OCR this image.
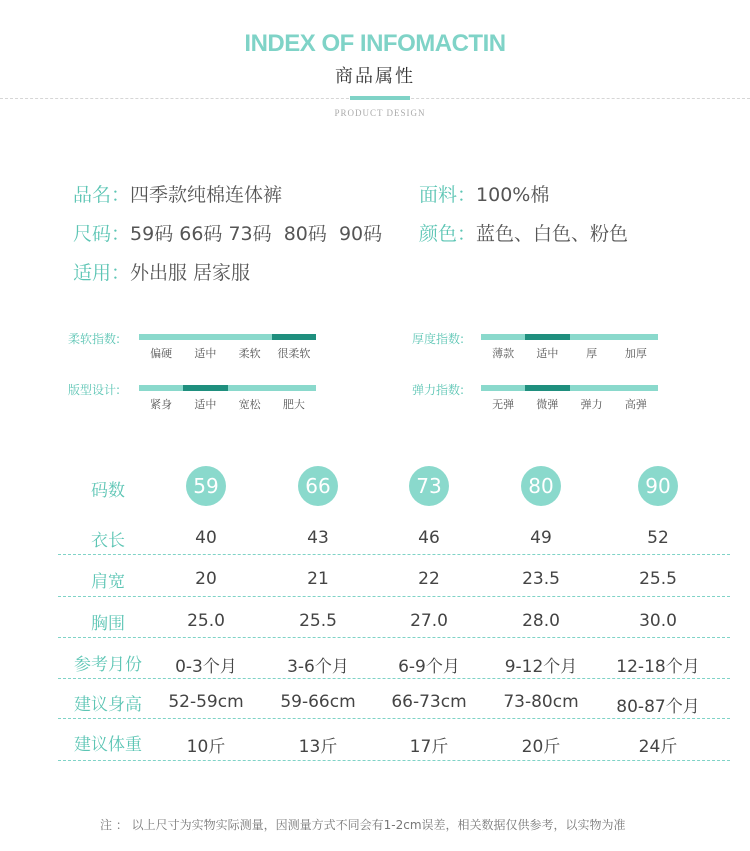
INDEX OF INFOMACTIN
商品属性
PRODUCT DESIGN
品名：四季款纯棉连体裤	面料：100%棉
尺码：59码 66码 73码  80码  90码 颜色：蓝色、白色、粉色
适用：外出服 居家服
柔软指数:
偏硬 适中 柔软 很柔软
厚度指数:
薄款 适中	厚	加厚
版型设计:
紧身 适中 宽松 肥大
弹力指数:
无弹 微弹 弹力 高弹
码数	59	66	73	80	90
衣长	40	43	46	49	52
肩宽	20	21	22	23.5	25.5
胸围	25.0	25.5	27.0	28.0	30.0
参考月份	0-3个月	3-6个月	6-9个月	9-12个月 12-18个月
建议身高	52-59cm 59-66cm 66-73cm 73-80cm 80-87个月
建议体重	10斤	13斤	17斤	20斤	24斤
注 ： 以上尺寸为实物实际测量，因测量方式不同会有1-2cm误差，相关数据仅供参考，以实物为准
